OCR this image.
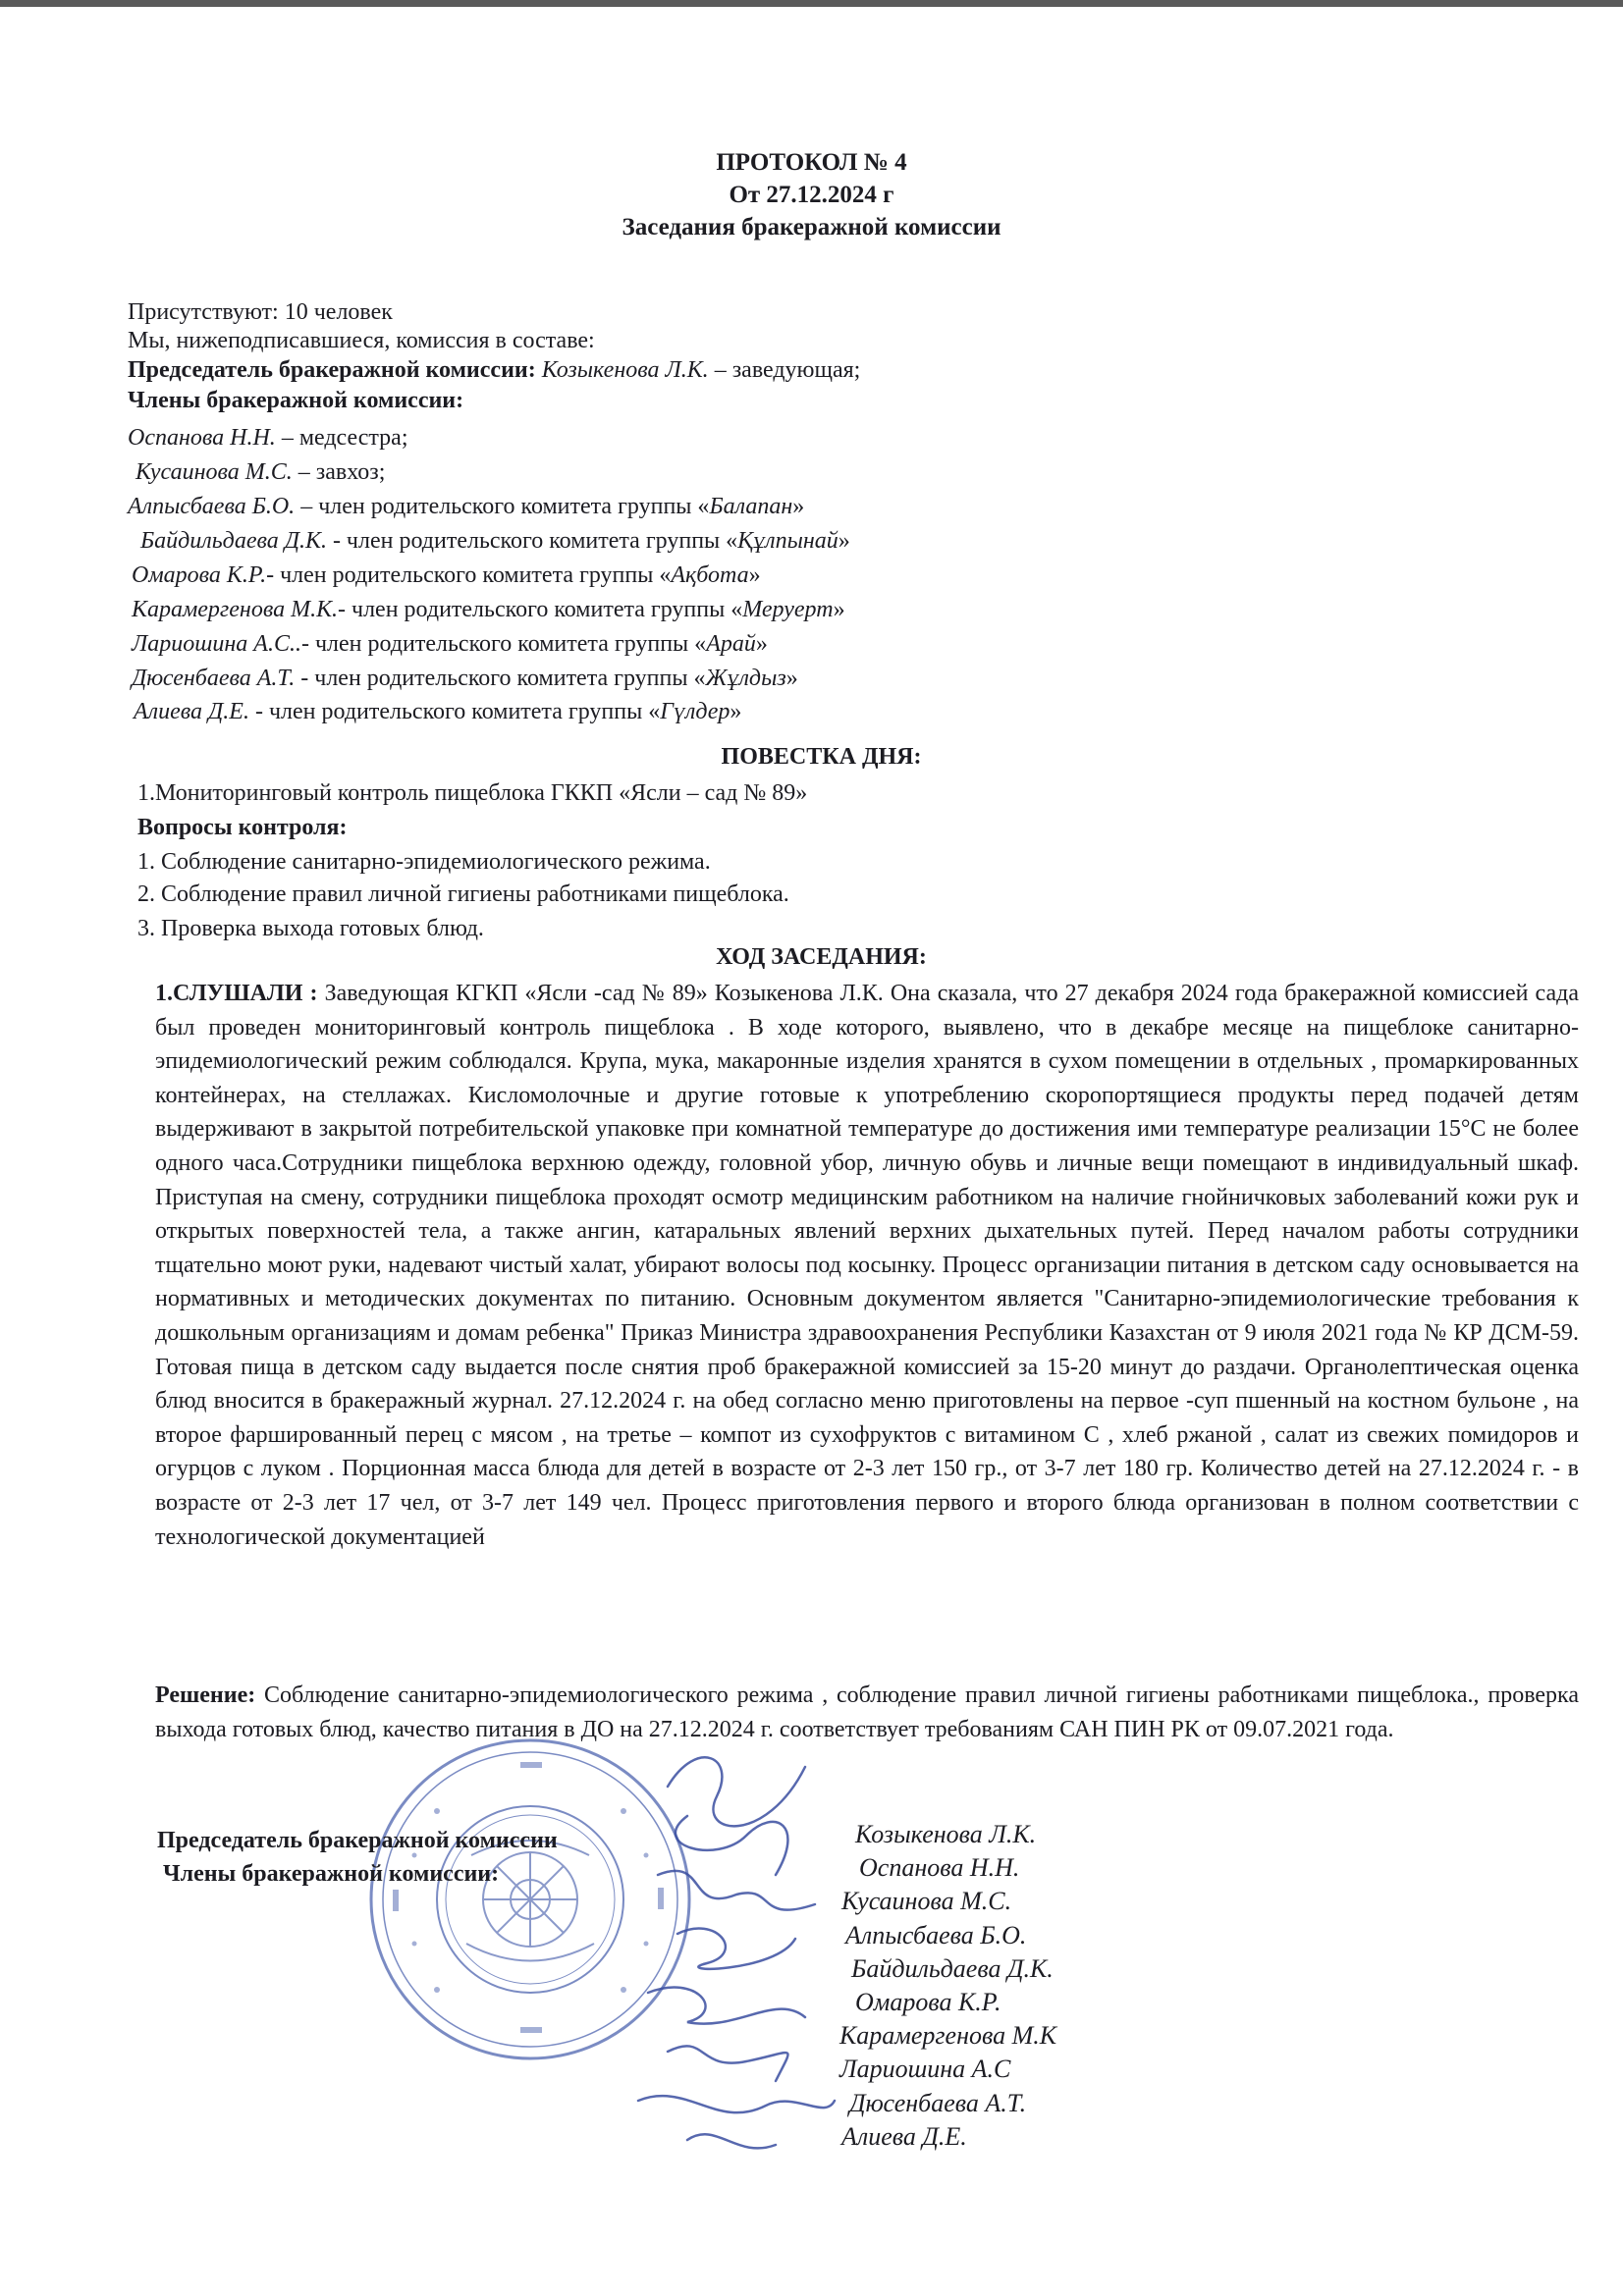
ПРОТОКОЛ № 4
От 27.12.2024 г
Заседания бракеражной комиссии
Присутствуют: 10 человек
Мы, нижеподписавшиеся, комиссия в составе:
Председатель бракеражной комиссии: Козыкенова Л.К. – заведующая;
Члены бракеражной комиссии:
Оспанова Н.Н. – медсестра;
Кусаинова М.С. – завхоз;
Алпысбаева Б.О. – член родительского комитета группы «Балапан»
Байдильдаева Д.К. - член родительского комитета группы «Құлпынай»
Омарова К.Р.- член родительского комитета группы «Ақбота»
Карамергенова М.К.- член родительского комитета группы «Меруерт»
Лариошина А.С..- член родительского комитета группы «Арай»
Дюсенбаева А.Т. - член родительского комитета группы «Жұлдыз»
Алиева Д.Е. - член родительского комитета группы «Гүлдер»
ПОВЕСТКА ДНЯ:
1.Мониторинговый контроль пищеблока ГККП «Ясли – сад № 89»
Вопросы контроля:
1. Соблюдение санитарно-эпидемиологического режима.
2. Соблюдение правил личной гигиены работниками пищеблока.
3. Проверка выхода готовых блюд.
ХОД ЗАСЕДАНИЯ:
1.СЛУШАЛИ : Заведующая КГКП «Ясли -сад № 89» Козыкенова Л.К. Она сказала, что 27 декабря 2024 года бракеражной комиссией сада был проведен мониторинговый контроль пищеблока . В ходе которого, выявлено, что в декабре месяце на пищеблоке санитарно-эпидемиологический режим соблюдался. Крупа, мука, макаронные изделия хранятся в сухом помещении в отдельных , промаркированных контейнерах, на стеллажах. Кисломолочные и другие готовые к употреблению скоропортящиеся продукты перед подачей детям выдерживают в закрытой потребительской упаковке при комнатной температуре до достижения ими температуре реализации 15°С не более одного часа.Сотрудники пищеблока верхнюю одежду, головной убор, личную обувь и личные вещи помещают в индивидуальный шкаф. Приступая на смену, сотрудники пищеблока проходят осмотр медицинским работником на наличие гнойничковых заболеваний кожи рук и открытых поверхностей тела, а также ангин, катаральных явлений верхних дыхательных путей. Перед началом работы сотрудники тщательно моют руки, надевают чистый халат, убирают волосы под косынку. Процесс организации питания в детском саду основывается на нормативных и методических документах по питанию. Основным документом является "Санитарно-эпидемиологические требования к дошкольным организациям и домам ребенка" Приказ Министра здравоохранения Республики Казахстан от 9 июля 2021 года № КР ДСМ-59. Готовая пища в детском саду выдается после снятия проб бракеражной комиссией за 15-20 минут до раздачи. Органолептическая оценка блюд вносится в бракеражный журнал. 27.12.2024 г. на обед согласно меню приготовлены на первое -суп пшенный на костном бульоне , на второе фаршированный перец с мясом , на третье – компот из сухофруктов с витамином С , хлеб ржаной , салат из свежих помидоров и огурцов с луком . Порционная масса блюда для детей в возрасте от 2-3 лет 150 гр., от 3-7 лет 180 гр. Количество детей на 27.12.2024 г. - в возрасте от 2-3 лет 17 чел, от 3-7 лет 149 чел. Процесс приготовления первого и второго блюда организован в полном соответствии с технологической документацией
Решение: Соблюдение санитарно-эпидемиологического режима , соблюдение правил личной гигиены работниками пищеблока., проверка выхода готовых блюд, качество питания в ДО на 27.12.2024 г. соответствует требованиям САН ПИН РК от 09.07.2021 года.
Председатель бракеражной комиссии
Члены бракеражной комиссии:
Козыкенова Л.К.
Оспанова Н.Н.
Кусаинова М.С.
Алпысбаева Б.О.
Байдильдаева Д.К.
Омарова К.Р.
Карамергенова М.К
Лариошина А.С
Дюсенбаева А.Т.
Алиева Д.Е.
